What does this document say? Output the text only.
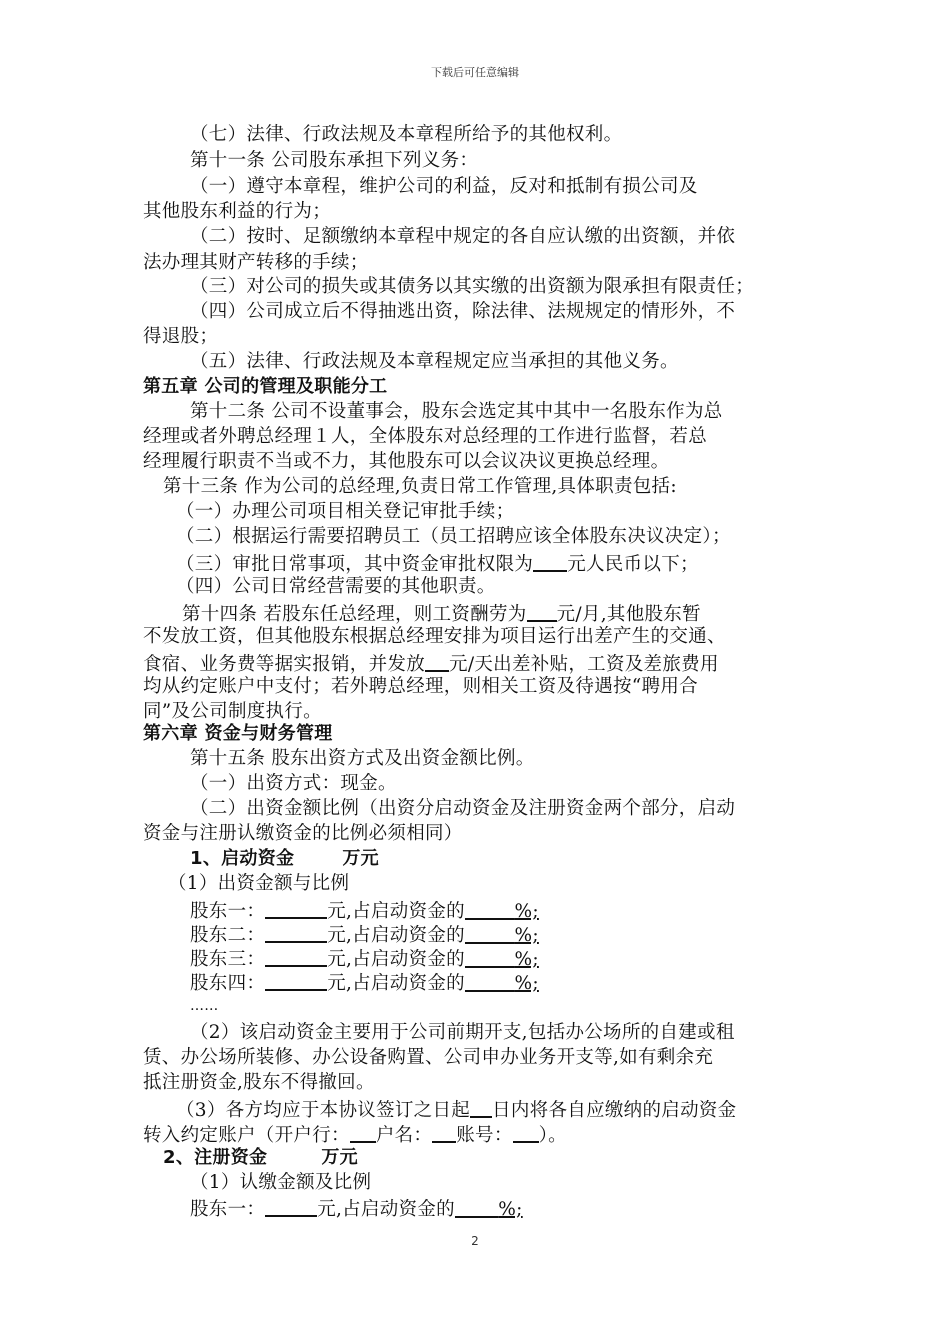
下载后可任意编辑
（七）法律、行政法规及本章程所给予的其他权利。
第十一条 公司股东承担下列义务：
（一）遵守本章程，维护公司的利益，反对和抵制有损公司及
其他股东利益的行为；
（二）按时、足额缴纳本章程中规定的各自应认缴的出资额，并依
法办理其财产转移的手续；
（三）对公司的损失或其债务以其实缴的出资额为限承担有限责任；
（四）公司成立后不得抽逃出资，除法律、法规规定的情形外，不
得退股；
（五）法律、行政法规及本章程规定应当承担的其他义务。
第五章 公司的管理及职能分工
第十二条 公司不设董事会，股东会选定其中其中一名股东作为总
经理或者外聘总经理１人，全体股东对总经理的工作进行监督，若总
经理履行职责不当或不力，其他股东可以会议决议更换总经理。
第十三条 作为公司的总经理,负责日常工作管理,具体职责包括:
（一）办理公司项目相关登记审批手续；
（二）根据运行需要招聘员工（员工招聘应该全体股东决议决定）；
（三）审批日常事项，其中资金审批权限为 元人民币以下；
（四）公司日常经营需要的其他职责。
第十四条 若股东任总经理，则工资酬劳为 元/月,其他股东暂
不发放工资，但其他股东根据总经理安排为项目运行出差产生的交通、
食宿、业务费等据实报销，并发放 元/天出差补贴，工资及差旅费用
均从约定账户中支付；若外聘总经理，则相关工资及待遇按“聘用合
同”及公司制度执行。
第六章 资金与财务管理
第十五条 股东出资方式及出资金额比例。
（一）出资方式：现金。
（二）出资金额比例（出资分启动资金及注册资金两个部分，启动
资金与注册认缴资金的比例必须相同）
1、启动资金	万元
（1）出资金额与比例
股东一：	元,占启动资金的	%;
股东二：	元,占启动资金的	%;
股东三：	元,占启动资金的	%;
股东四：	元,占启动资金的	%;
……
（2）该启动资金主要用于公司前期开支,包括办公场所的自建或租
赁、办公场所装修、办公设备购置、公司申办业务开支等,如有剩余充
抵注册资金,股东不得撤回。
（3）各方均应于本协议签订之日起 日内将各自应缴纳的启动资金
转入约定账户（开户行： 户名： 账号： ）。
2、注册资金	万元
（1）认缴金额及比例
股东一：	元,占启动资金的 %;
2
